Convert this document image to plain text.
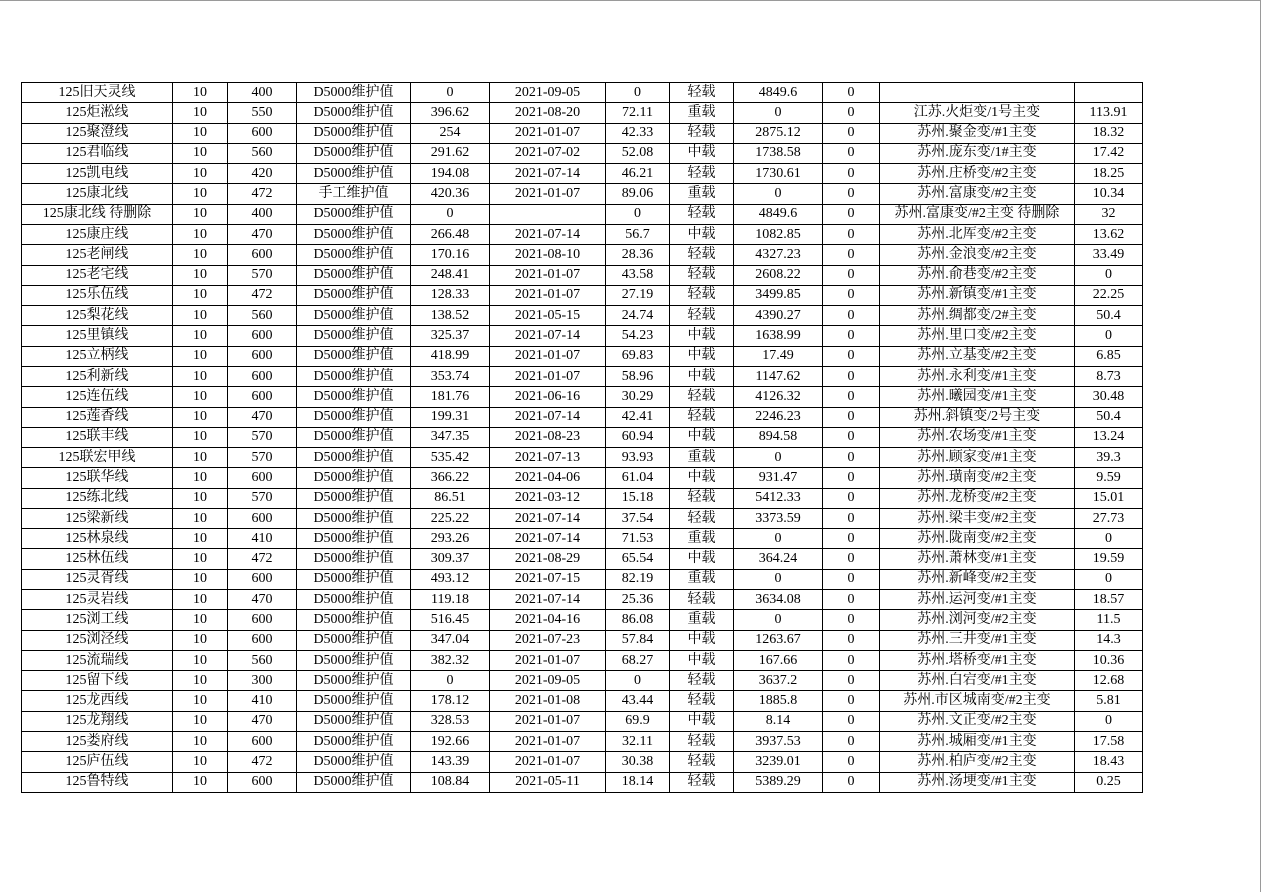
125旧天灵线	10	400	D5000维护值	0	2021-09-05	0	轻载	4849.6	0		
125炬淞线	10	550	D5000维护值	396.62	2021-08-20	72.11	重载	0	0	江苏.火炬变/1号主变	113.91
125聚澄线	10	600	D5000维护值	254	2021-01-07	42.33	轻载	2875.12	0	苏州.聚金变/#1主变	18.32
125君临线	10	560	D5000维护值	291.62	2021-07-02	52.08	中载	1738.58	0	苏州.庞东变/1#主变	17.42
125凯电线	10	420	D5000维护值	194.08	2021-07-14	46.21	轻载	1730.61	0	苏州.庄桥变/#2主变	18.25
125康北线	10	472	手工维护值	420.36	2021-01-07	89.06	重载	0	0	苏州.富康变/#2主变	10.34
125康北线 待删除	10	400	D5000维护值	0		0	轻载	4849.6	0	苏州.富康变/#2主变 待删除	32
125康庄线	10	470	D5000维护值	266.48	2021-07-14	56.7	中载	1082.85	0	苏州.北厍变/#2主变	13.62
125老闸线	10	600	D5000维护值	170.16	2021-08-10	28.36	轻载	4327.23	0	苏州.金浪变/#2主变	33.49
125老宅线	10	570	D5000维护值	248.41	2021-01-07	43.58	轻载	2608.22	0	苏州.俞巷变/#2主变	0
125乐伍线	10	472	D5000维护值	128.33	2021-01-07	27.19	轻载	3499.85	0	苏州.新镇变/#1主变	22.25
125梨花线	10	560	D5000维护值	138.52	2021-05-15	24.74	轻载	4390.27	0	苏州.绸都变/2#主变	50.4
125里镇线	10	600	D5000维护值	325.37	2021-07-14	54.23	中载	1638.99	0	苏州.里口变/#2主变	0
125立柄线	10	600	D5000维护值	418.99	2021-01-07	69.83	中载	17.49	0	苏州.立基变/#2主变	6.85
125利新线	10	600	D5000维护值	353.74	2021-01-07	58.96	中载	1147.62	0	苏州.永利变/#1主变	8.73
125连伍线	10	600	D5000维护值	181.76	2021-06-16	30.29	轻载	4126.32	0	苏州.曦园变/#1主变	30.48
125莲香线	10	470	D5000维护值	199.31	2021-07-14	42.41	轻载	2246.23	0	苏州.斜镇变/2号主变	50.4
125联丰线	10	570	D5000维护值	347.35	2021-08-23	60.94	中载	894.58	0	苏州.农场变/#1主变	13.24
125联宏甲线	10	570	D5000维护值	535.42	2021-07-13	93.93	重载	0	0	苏州.顾家变/#1主变	39.3
125联华线	10	600	D5000维护值	366.22	2021-04-06	61.04	中载	931.47	0	苏州.璜南变/#2主变	9.59
125练北线	10	570	D5000维护值	86.51	2021-03-12	15.18	轻载	5412.33	0	苏州.龙桥变/#2主变	15.01
125梁新线	10	600	D5000维护值	225.22	2021-07-14	37.54	轻载	3373.59	0	苏州.梁丰变/#2主变	27.73
125林泉线	10	410	D5000维护值	293.26	2021-07-14	71.53	重载	0	0	苏州.陇南变/#2主变	0
125林伍线	10	472	D5000维护值	309.37	2021-08-29	65.54	中载	364.24	0	苏州.萧林变/#1主变	19.59
125灵胥线	10	600	D5000维护值	493.12	2021-07-15	82.19	重载	0	0	苏州.新峰变/#2主变	0
125灵岩线	10	470	D5000维护值	119.18	2021-07-14	25.36	轻载	3634.08	0	苏州.运河变/#1主变	18.57
125浏工线	10	600	D5000维护值	516.45	2021-04-16	86.08	重载	0	0	苏州.浏河变/#2主变	11.5
125浏泾线	10	600	D5000维护值	347.04	2021-07-23	57.84	中载	1263.67	0	苏州.三井变/#1主变	14.3
125流瑞线	10	560	D5000维护值	382.32	2021-01-07	68.27	中载	167.66	0	苏州.塔桥变/#1主变	10.36
125留下线	10	300	D5000维护值	0	2021-09-05	0	轻载	3637.2	0	苏州.白宕变/#1主变	12.68
125龙西线	10	410	D5000维护值	178.12	2021-01-08	43.44	轻载	1885.8	0	苏州.市区城南变/#2主变	5.81
125龙翔线	10	470	D5000维护值	328.53	2021-01-07	69.9	中载	8.14	0	苏州.文正变/#2主变	0
125娄府线	10	600	D5000维护值	192.66	2021-01-07	32.11	轻载	3937.53	0	苏州.城厢变/#1主变	17.58
125庐伍线	10	472	D5000维护值	143.39	2021-01-07	30.38	轻载	3239.01	0	苏州.柏庐变/#2主变	18.43
125鲁特线	10	600	D5000维护值	108.84	2021-05-11	18.14	轻载	5389.29	0	苏州.汤埂变/#1主变	0.25
